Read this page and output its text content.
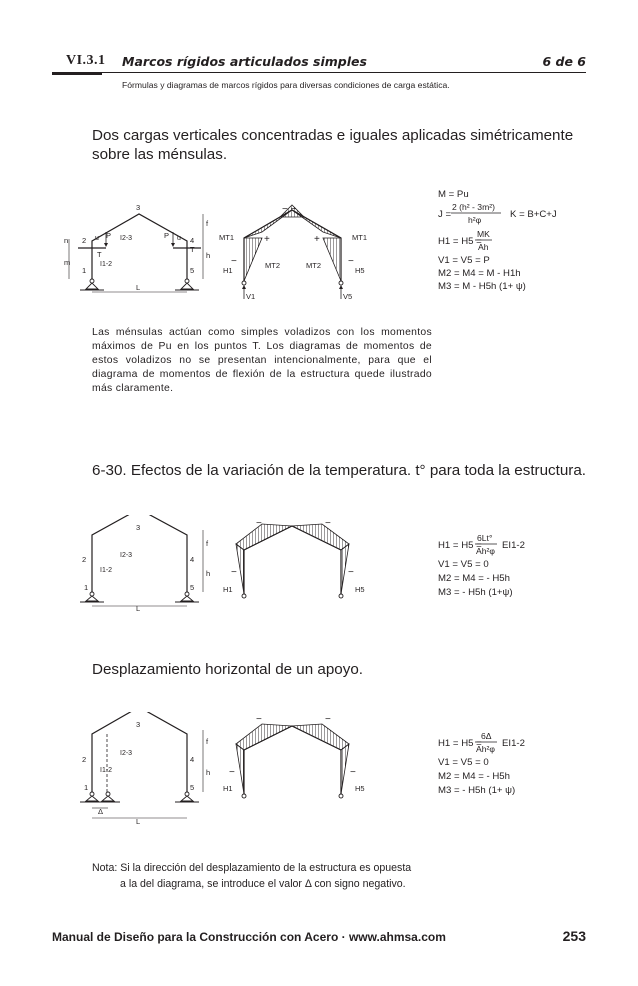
VI.3.1 Marcos rígidos articulados simples	6 de 6
Fórmulas y diagramas de marcos rígidos para diversas condiciones de carga estática.
Dos cargas verticales concentradas e iguales aplicadas simétricamente
sobre las ménsulas.
3
2	4
1	5
n
m
P
u	P u
T
T
I2-3
I1-2
f
h
L
− −
+	+
−	−
MT1	MT1
MT2	MT2
H1	H5
V1	V5
M = Pu
J =
2 (h² - 3m²)
h²φ	K = B+C+J
H1 = H5 =
MK
Ah
V1 = V5 = P
M2 = M4 = M - H1h
M3 = M - H5h (1+ ψ)
Las ménsulas actúan como simples voladizos con los momentos máximos de Pu en los puntos T. Los diagramas de momentos de estos voladizos no se presentan intencionalmente, para que el diagrama de momentos de flexión de la estructura quede ilustrado más claramente.
6-30. Efectos de la variación de la temperatura. t° para toda la estructura.
3
2	4
1	5
I2-3
I1-2
f
h
L
−	−
−	−
H1	H5
H1 = H5 =
6Lt°
Ah²φ EI1-2
V1 = V5 = 0
M2 = M4 = - H5h
M3 = - H5h (1+ψ)
Desplazamiento horizontal de un apoyo.
3
2	4
1	5
I2-3
I1-2
f
h
Δ
L
−	−
−	−
H1	H5
H1 = H5 =
6Δ
Ah²φ EI1-2
V1 = V5 = 0
M2 = M4 = - H5h
M3 = - H5h (1+ ψ)
Nota: Si la dirección del desplazamiento de la estructura es opuesta
a la del diagrama, se introduce el valor Δ con signo negativo.
Manual de Diseño para la Construcción con Acero · www.ahmsa.com	253
